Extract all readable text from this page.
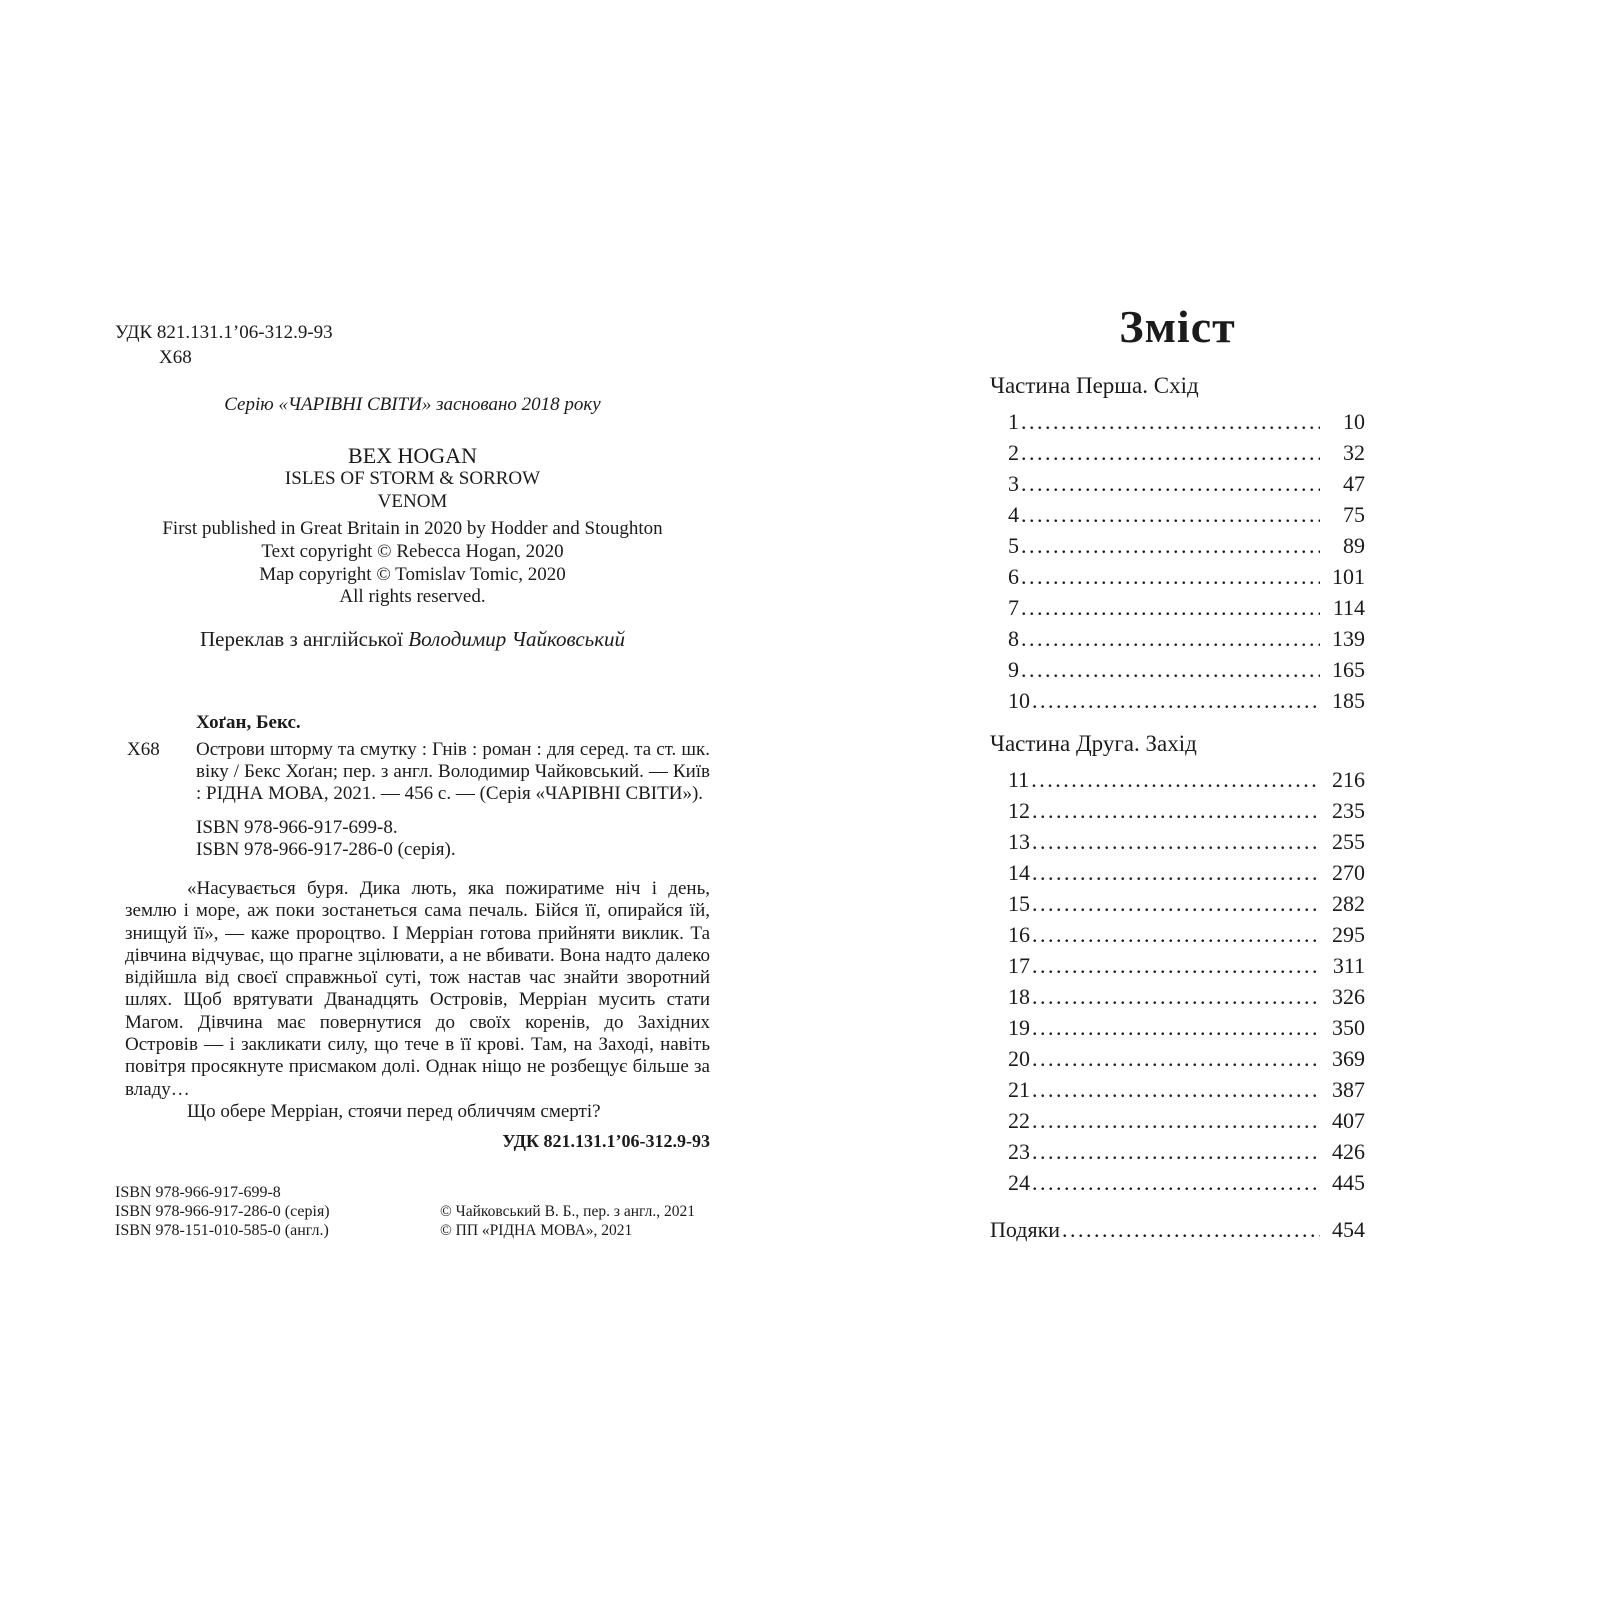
УДК 821.131.1’06-312.9-93
Х68
Серію «ЧАРІВНІ СВІТИ» засновано 2018 року
BEX HOGAN
ISLES OF STORM & SORROW
VENOM
First published in Great Britain in 2020 by Hodder and Stoughton
Text copyright © Rebecca Hogan, 2020
Map copyright © Tomislav Tomic, 2020
All rights reserved.
Переклав з англійської Володимир Чайковський
Хоґан, Бекс.
Х68 Острови шторму та смутку : Гнів : роман : для серед. та ст. шк. віку / Бекс Хоґан; пер. з англ. Володимир Чайковський. — Київ : РІДНА МОВА, 2021. — 456 с. — (Серія «ЧАРІВНІ СВІТИ»).
ISBN 978-966-917-699-8.
ISBN 978-966-917-286-0 (серія).

«Насувається буря. Дика лють, яка пожиратиме ніч і день, землю і море, аж поки зостанеться сама печаль. Бійся її, опирайся їй, знищуй її», — каже пророцтво. І Мерріан готова прийняти виклик. Та дівчина відчуває, що прагне зцілювати, а не вбивати. Вона надто далеко відійшла від своєї справжньої суті, тож настав час знайти зворотний шлях. Щоб врятувати Дванадцять Островів, Мерріан мусить стати Магом. Дівчина має повернутися до своїх коренів, до Західних Островів — і закликати силу, що тече в її крові. Там, на Заході, навіть повітря просякнуте присмаком долі. Однак ніщо не розбещує більше за владу…

Що обере Мерріан, стоячи перед обличчям смерті?

УДК 821.131.1’06-312.9-93
ISBN 978-966-917-699-8
ISBN 978-966-917-286-0 (серія)
ISBN 978-151-010-585-0 (англ.)
© Чайковський В. Б., пер. з англ., 2021
© ПП «РІДНА МОВА», 2021
Зміст
Частина Перша. Схід
1 .....	10
2 .....	32
3 .....	47
4 .....	75
5 .....	89
6 .....	101
7 .....	114
8 .....	139
9 .....	165
10 .....	185
Частина Друга. Захід
11 .....	216
12 .....	235
13 .....	255
14 .....	270
15 .....	282
16 .....	295
17 .....	311
18 .....	326
19 .....	350
20 .....	369
21 .....	387
22 .....	407
23 .....	426
24 .....	445
Подяки .....	454
